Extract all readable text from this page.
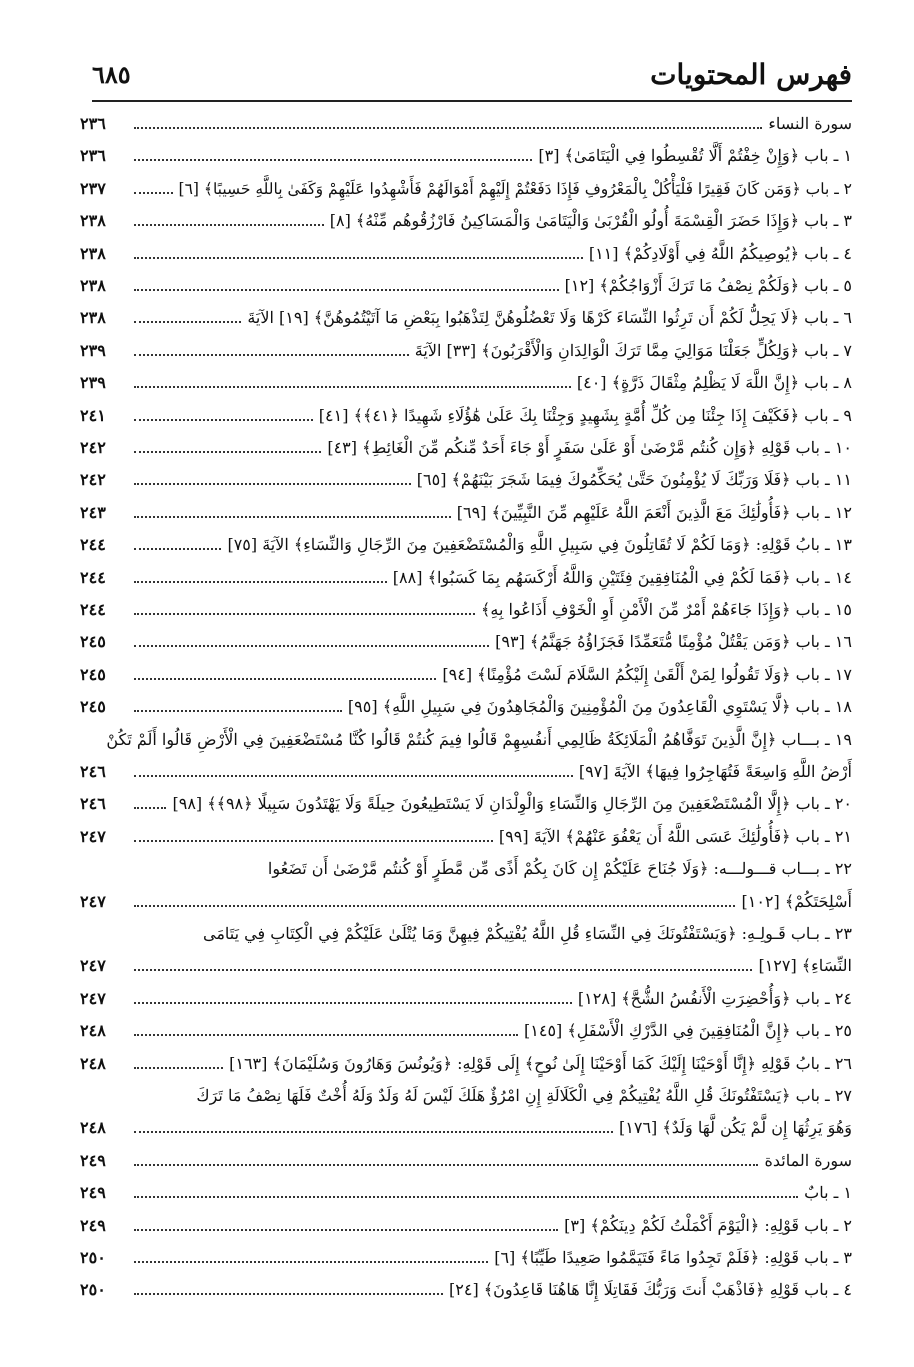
فهرس المحتويات
٦٨٥
سورة النساء
٢٣٦
١ ـ باب ﴿وَإِنْ خِفْتُمْ أَلَّا تُقْسِطُوا فِي الْيَتَامَىٰ﴾ [٣]
٢٣٦
٢ ـ باب ﴿وَمَن كَانَ فَقِيرًا فَلْيَأْكُلْ بِالْمَعْرُوفِ فَإِذَا دَفَعْتُمْ إِلَيْهِمْ أَمْوَالَهُمْ فَأَشْهِدُوا عَلَيْهِمْ وَكَفَىٰ بِاللَّهِ حَسِيبًا﴾ [٦]
٢٣٧
٣ ـ باب ﴿وَإِذَا حَضَرَ الْقِسْمَةَ أُولُو الْقُرْبَىٰ وَالْيَتَامَىٰ وَالْمَسَاكِينُ فَارْزُقُوهُم مِّنْهُ﴾ [٨]
٢٣٨
٤ ـ باب ﴿يُوصِيكُمُ اللَّهُ فِي أَوْلَادِكُمْ﴾ [١١]
٢٣٨
٥ ـ باب ﴿وَلَكُمْ نِصْفُ مَا تَرَكَ أَزْوَاجُكُمْ﴾ [١٢]
٢٣٨
٦ ـ باب ﴿لَا يَحِلُّ لَكُمْ أَن تَرِثُوا النِّسَاءَ كَرْهًا وَلَا تَعْضُلُوهُنَّ لِتَذْهَبُوا بِبَعْضِ مَا آتَيْتُمُوهُنَّ﴾ [١٩] الآيَةَ
٢٣٨
٧ ـ باب ﴿وَلِكُلٍّ جَعَلْنَا مَوَالِيَ مِمَّا تَرَكَ الْوَالِدَانِ وَالْأَقْرَبُونَ﴾ [٣٣] الآيَةَ
٢٣٩
٨ ـ باب ﴿إِنَّ اللَّهَ لَا يَظْلِمُ مِثْقَالَ ذَرَّةٍ﴾ [٤٠]
٢٣٩
٩ ـ باب ﴿فَكَيْفَ إِذَا جِئْنَا مِن كُلِّ أُمَّةٍ بِشَهِيدٍ وَجِئْنَا بِكَ عَلَىٰ هَٰؤُلَاءِ شَهِيدًا ﴿٤١﴾﴾ [٤١]
٢٤١
١٠ ـ باب قَوْلِهِ ﴿وَإِن كُنتُم مَّرْضَىٰ أَوْ عَلَىٰ سَفَرٍ أَوْ جَاءَ أَحَدٌ مِّنكُم مِّنَ الْغَائِطِ﴾ [٤٣]
٢٤٢
١١ ـ باب ﴿فَلَا وَرَبِّكَ لَا يُؤْمِنُونَ حَتَّىٰ يُحَكِّمُوكَ فِيمَا شَجَرَ بَيْنَهُمْ﴾ [٦٥]
٢٤٢
١٢ ـ باب ﴿فَأُولَٰئِكَ مَعَ الَّذِينَ أَنْعَمَ اللَّهُ عَلَيْهِم مِّنَ النَّبِيِّينَ﴾ [٦٩]
٢٤٣
١٣ ـ بابُ قَوْلِهِ: ﴿وَمَا لَكُمْ لَا تُقَاتِلُونَ فِي سَبِيلِ اللَّهِ وَالْمُسْتَضْعَفِينَ مِنَ الرِّجَالِ وَالنِّسَاءِ﴾ الآيَةَ [٧٥]
٢٤٤
١٤ ـ باب ﴿فَمَا لَكُمْ فِي الْمُنَافِقِينَ فِئَتَيْنِ وَاللَّهُ أَرْكَسَهُم بِمَا كَسَبُوا﴾ [٨٨]
٢٤٤
١٥ ـ باب ﴿وَإِذَا جَاءَهُمْ أَمْرٌ مِّنَ الْأَمْنِ أَوِ الْخَوْفِ أَذَاعُوا بِهِ﴾
٢٤٤
١٦ ـ باب ﴿وَمَن يَقْتُلْ مُؤْمِنًا مُّتَعَمِّدًا فَجَزَاؤُهُ جَهَنَّمُ﴾ [٩٣]
٢٤٥
١٧ ـ باب ﴿وَلَا تَقُولُوا لِمَنْ أَلْقَىٰ إِلَيْكُمُ السَّلَامَ لَسْتَ مُؤْمِنًا﴾ [٩٤]
٢٤٥
١٨ ـ باب ﴿لَّا يَسْتَوِي الْقَاعِدُونَ مِنَ الْمُؤْمِنِينَ وَالْمُجَاهِدُونَ فِي سَبِيلِ اللَّهِ﴾ [٩٥]
٢٤٥
١٩ ـ بـــاب ﴿إِنَّ الَّذِينَ تَوَفَّاهُمُ الْمَلَائِكَةُ ظَالِمِي أَنفُسِهِمْ قَالُوا فِيمَ كُنتُمْ قَالُوا كُنَّا مُسْتَضْعَفِينَ فِي الْأَرْضِ قَالُوا أَلَمْ تَكُنْ
أَرْضُ اللَّهِ وَاسِعَةً فَتُهَاجِرُوا فِيهَا﴾ الآيَةَ [٩٧]
٢٤٦
٢٠ ـ باب ﴿إِلَّا الْمُسْتَضْعَفِينَ مِنَ الرِّجَالِ وَالنِّسَاءِ وَالْوِلْدَانِ لَا يَسْتَطِيعُونَ حِيلَةً وَلَا يَهْتَدُونَ سَبِيلًا ﴿٩٨﴾﴾ [٩٨]
٢٤٦
٢١ ـ باب ﴿فَأُولَٰئِكَ عَسَى اللَّهُ أَن يَعْفُوَ عَنْهُمْ﴾ الآيَةَ [٩٩]
٢٤٧
٢٢ ـ بـــاب قـــولـــه: ﴿وَلَا جُنَاحَ عَلَيْكُمْ إِن كَانَ بِكُمْ أَذًى مِّن مَّطَرٍ أَوْ كُنتُم مَّرْضَىٰ أَن تَضَعُوا
أَسْلِحَتَكُمْ﴾ [١٠٢]
٢٤٧
٢٣ ـ بـاب قَـولِـهِ: ﴿وَيَسْتَفْتُونَكَ فِي النِّسَاءِ قُلِ اللَّهُ يُفْتِيكُمْ فِيهِنَّ وَمَا يُتْلَىٰ عَلَيْكُمْ فِي الْكِتَابِ فِي يَتَامَى
النِّسَاءِ﴾ [١٢٧]
٢٤٧
٢٤ ـ باب ﴿وَأُحْضِرَتِ الْأَنفُسُ الشُّحَّ﴾ [١٢٨]
٢٤٧
٢٥ ـ باب ﴿إِنَّ الْمُنَافِقِينَ فِي الدَّرْكِ الْأَسْفَلِ﴾ [١٤٥]
٢٤٨
٢٦ ـ بابُ قَوْلِهِ ﴿إِنَّا أَوْحَيْنَا إِلَيْكَ كَمَا أَوْحَيْنَا إِلَىٰ نُوحٍ﴾ إِلَى قَوْلِهِ: ﴿وَيُونُسَ وَهَارُونَ وَسُلَيْمَانَ﴾ [١٦٣]
٢٤٨
٢٧ ـ باب ﴿يَسْتَفْتُونَكَ قُلِ اللَّهُ يُفْتِيكُمْ فِي الْكَلَالَةِ إِنِ امْرُؤٌ هَلَكَ لَيْسَ لَهُ وَلَدٌ وَلَهُ أُخْتٌ فَلَهَا نِصْفُ مَا تَرَكَ
وَهُوَ يَرِثُهَا إِن لَّمْ يَكُن لَّهَا وَلَدٌ﴾ [١٧٦]
٢٤٨
سورة المائدة
٢٤٩
١ ـ بابٌ
٢٤٩
٢ ـ باب قَوْلِهِ: ﴿الْيَوْمَ أَكْمَلْتُ لَكُمْ دِينَكُمْ﴾ [٣]
٢٤٩
٣ ـ باب قَوْلِهِ: ﴿فَلَمْ تَجِدُوا مَاءً فَتَيَمَّمُوا صَعِيدًا طَيِّبًا﴾ [٦]
٢٥٠
٤ ـ باب قَوْلِهِ ﴿فَاذْهَبْ أَنتَ وَرَبُّكَ فَقَاتِلَا إِنَّا هَاهُنَا قَاعِدُونَ﴾ [٢٤]
٢٥٠
